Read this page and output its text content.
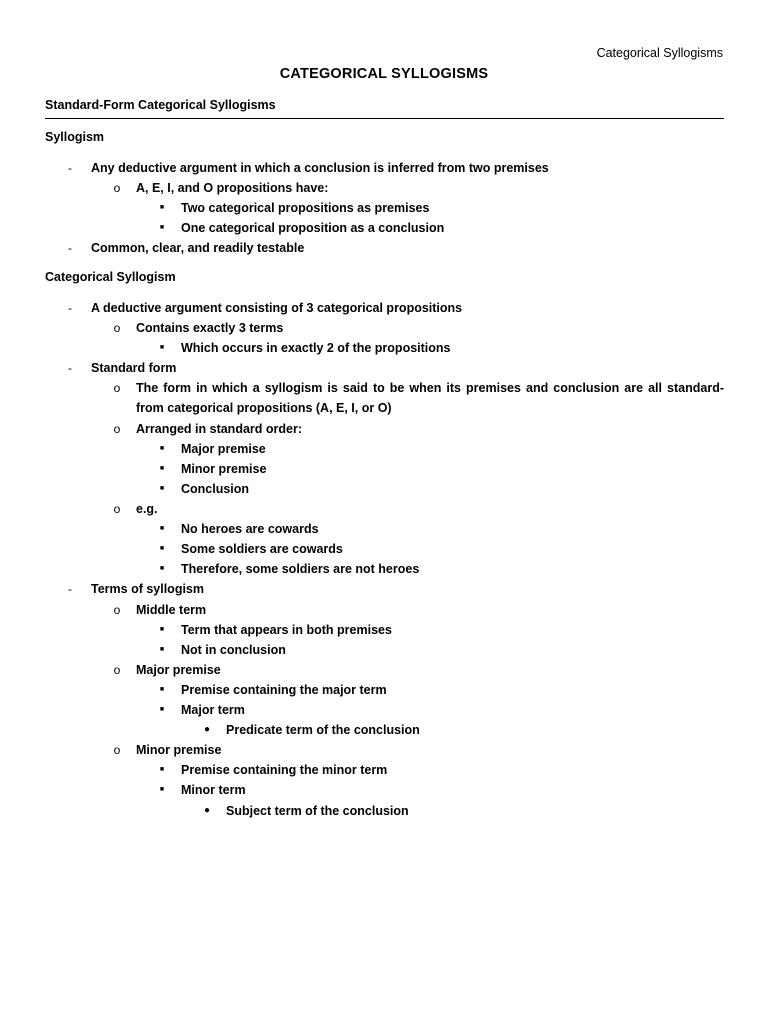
Categorical Syllogisms
CATEGORICAL SYLLOGISMS
Standard-Form Categorical Syllogisms
Syllogism
-	Any deductive argument in which a conclusion is inferred from two premises
o A, E, I, and O propositions have:
■	Two categorical propositions as premises
■	One categorical proposition as a conclusion
-	Common, clear, and readily testable
Categorical Syllogism
-	A deductive argument consisting of 3 categorical propositions
o Contains exactly 3 terms
■	Which occurs in exactly 2 of the propositions
-	Standard form
o The form in which a syllogism is said to be when its premises and conclusion are all standard-from categorical propositions (A, E, I, or O)
o Arranged in standard order:
■	Major premise
■	Minor premise
■	Conclusion
o e.g.
■	No heroes are cowards
■	Some soldiers are cowards
■	Therefore, some soldiers are not heroes
-	Terms of syllogism
o Middle term
■	Term that appears in both premises
■	Not in conclusion
o Major premise
■	Premise containing the major term
■	Major term
●	Predicate term of the conclusion
o Minor premise
■	Premise containing the minor term
■	Minor term
●	Subject term of the conclusion
